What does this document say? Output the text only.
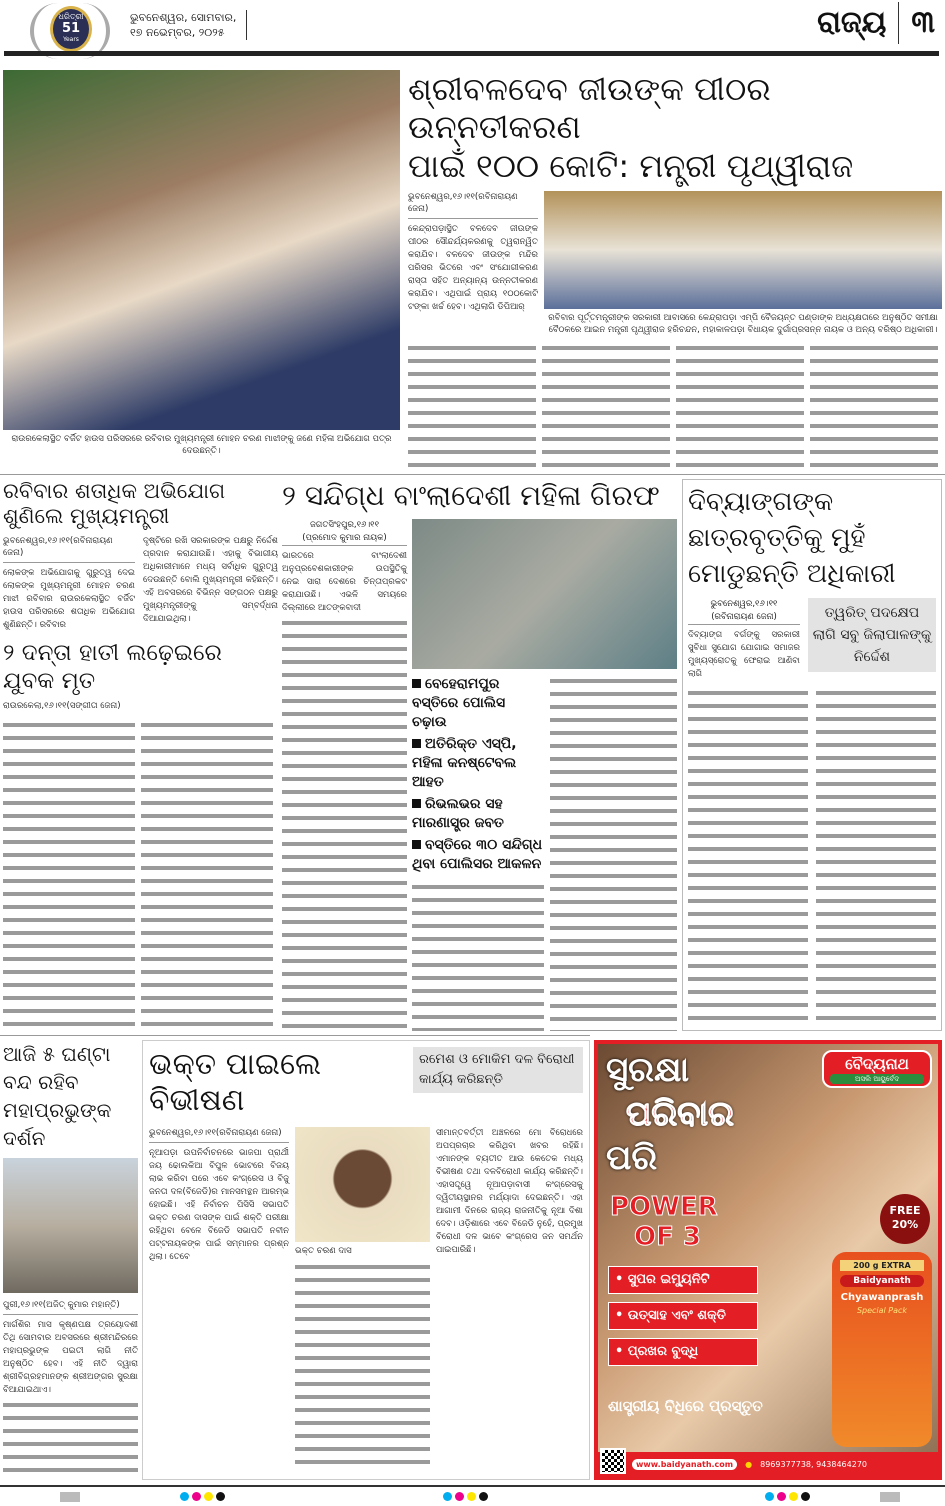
ଧରିତ୍ରୀ
51
Years
ଭୁବନେଶ୍ୱର, ସୋମବାର,
୧୭ ନଭେମ୍ବର, ୨୦୨୫	ରାଜ୍ୟ ୩
ରାଉରକେଲାସ୍ଥିତ ବର୍ଜିଟ ହାଉସ ପରିସରରେ ରବିବାର ମୁଖ୍ୟମନ୍ତ୍ରୀ ମୋହନ ଚରଣ ମାଝୀଙ୍କୁ ଜଣେ ମହିଳା ଅଭିଯୋଗ ପତ୍ର ଦେଉଛନ୍ତି।
ଶ୍ରୀବଳଦେବ ଜୀଉଙ୍କ ପୀଠର ଉନ୍ନତୀକରଣ
ପାଇଁ ୧୦୦ କୋଟି: ମନ୍ତ୍ରୀ ପୃଥ୍ୱୀରାଜ
ଭୁବନେଶ୍ୱର,୧୬।୧୧(ରବିନାରାୟଣ ଜେନା)
କେନ୍ଦ୍ରାପଡ଼ାସ୍ଥିତ ବଳଦେବ ଜୀଉଙ୍କ ପୀଠର ସୌନ୍ଦର୍ଯ୍ୟକରଣକୁ ତ୍ୱରାନ୍ୱିତ କରାଯିବ। ବଳଦେବ ଜୀଉଙ୍କ ମନ୍ଦିର ପରିସର ଭିତରେ ଏବଂ ସଂଯୋଗୀକରଣ ରାସ୍ତା ସହିତ ଅନ୍ୟାନ୍ୟ ଉନ୍ନତୀକରଣ କରାଯିବ। ଏଥିପାଇଁ ପ୍ରାୟ ୧୦୦କୋଟି ଟଙ୍କା ଖର୍ଚ୍ଚ ହେବ। ଏଥିଲାଗି ଡିପିଆର୍
ରବିବାର ପୂର୍ତ୍ତମନ୍ତ୍ରୀଙ୍କ ସରକାରୀ ଆବାସରେ କେନ୍ଦ୍ରାପଡ଼ା ଏମ୍‌ପି ବୈଜୟନ୍ତ ପଣ୍ଡାଙ୍କ ଅଧ୍ୟକ୍ଷତାରେ ଅନୁଷ୍ଠିତ ସମୀକ୍ଷା ବୈଠକରେ ଆଇନ ମନ୍ତ୍ରୀ ପୃଥ୍ୱୀରାଜ ହରିଚନ୍ଦନ, ମହାକାଳପଡ଼ା ବିଧାୟକ ଦୁର୍ଗାପ୍ରସନ୍ନ ନାୟକ ଓ ଅନ୍ୟ ବରିଷ୍ଠ ଅଧିକାରୀ।
ରବିବାର ଶତାଧିକ ଅଭିଯୋଗ ଶୁଣିଲେ ମୁଖ୍ୟମନ୍ତ୍ରୀ
ଭୁବନେଶ୍ୱର,୧୬।୧୧(ରବିନାରାୟଣ ଜେନା)
ଲୋକଙ୍କ ଅଭିଯୋଗକୁ ଗୁରୁତ୍ୱ ଦେଇ ଲୋକଙ୍କ ମୁଖ୍ୟମନ୍ତ୍ରୀ ମୋହନ ଚରଣ ମାଝୀ ରବିବାର ରାଉରକେଲାସ୍ଥିତ ବର୍ଜିଟ ହାଉସ ପରିସରରେ ଶତାଧିକ ଅଭିଯୋଗ ଶୁଣିଛନ୍ତି। ରବିବାର
ଦୃଷ୍ଟିରେ ରଖି ସରକାରଙ୍କ ପକ୍ଷରୁ ନିର୍ଦ୍ଦେଶ ପ୍ରଦାନ କରାଯାଉଛି। ଏହାକୁ ବିଭାଗୀୟ ଅଧିକାରୀମାନେ ମଧ୍ୟ ସର୍ବାଧିକ ଗୁରୁତ୍ୱ ଦେଉଛନ୍ତି ବୋଲି ମୁଖ୍ୟମନ୍ତ୍ରୀ କହିଛନ୍ତି। ଏହି ଅବସରରେ ବିଭିନ୍ନ ସଙ୍ଗଠନ ପକ୍ଷରୁ ମୁଖ୍ୟମନ୍ତ୍ରୀଙ୍କୁ ସମ୍ବର୍ଦ୍ଧନା ଦିଆଯାଇଥିଲା।
୨ ଦନ୍ତା ହାତୀ ଲଢ଼େଇରେ ଯୁବକ ମୃତ
ରାଉରକେଲା,୧୬।୧୧(ସଙ୍ଗୀତା ଜେନା)
୨ ସନ୍ଦିଗ୍ଧ ବାଂଲାଦେଶୀ ମହିଳା ଗିରଫ
ଜଗତସିଂହପୁର,୧୬।୧୧
(ପ୍ରମୋଦ କୁମାର ନାୟକ)
ଭାରତରେ ବାଂଲାଦେଶୀ ଅନୁପ୍ରବେଶକାରୀଙ୍କ ଉପସ୍ଥିତିକୁ ନେଇ ସାରା ଦେଶରେ ଚିନ୍ତାପ୍ରକଟ କରାଯାଉଛି। ଏଭଳି ସମୟରେ ଦିଲ୍ଲୀରେ ଆତଙ୍କବାଦୀ
ବେହେରାମପୁର ବସ୍ତିରେ ପୋଲିସ ଚଢ଼ାଉ
ଅତିରିକ୍ତ ଏସ୍‌ପି, ମହିଳା କନଷ୍ଟେବଲ ଆହତ
ରିଭଲଭର ସହ ମାରଣାସ୍ତ୍ର ଜବତ
ବସ୍ତିରେ ୩୦ ସନ୍ଦିଗ୍ଧ ଥିବା ପୋଲିସର ଆକଳନ
ଦିବ୍ୟାଙ୍ଗଙ୍କ ଛାତ୍ରବୃତ୍ତିକୁ ମୁହଁ
ମୋଡୁଛନ୍ତି ଅଧିକାରୀ
ଭୁବନେଶ୍ୱର,୧୬।୧୧
(ରବିନାରାୟଣ ଜେନା)
ଦିବ୍ୟାଙ୍ଗ ବର୍ଗଙ୍କୁ ସରକାରୀ ସୁବିଧା ସୁଯୋଗ ଯୋଗାଇ ସମାଜର ମୁଖ୍ୟସ୍ରୋତକୁ ଫେରାଇ ଆଣିବା ଲାଗି
ତ୍ୱରିତ୍ ପଦକ୍ଷେପ ଲାଗି ସବୁ ଜିଲାପାଳଙ୍କୁ ନିର୍ଦ୍ଦେଶ
ଆଜି ୫ ଘଣ୍ଟା
ବନ୍ଦ ରହିବ
ମହାପ୍ରଭୁଙ୍କ ଦର୍ଶନ
ପୁରୀ,୧୬।୧୧(ଅଜିତ୍ କୁମାର ମହାନ୍ତି)
ମାର୍ଗଶିର ମାସ କୃଷ୍ଣପକ୍ଷ ତ୍ରୟୋଦଶୀ ତିଥି ସୋମବାର ଅବସରରେ ଶ୍ରୀମନ୍ଦିରରେ ମହାପ୍ରଭୁଙ୍କ ପଇତୀ ଲାଗି ନୀତି ଅନୁଷ୍ଠିତ ହେବ। ଏହି ନୀତି ଦ୍ୱାରା ଶ୍ରୀବିଗ୍ରହମାନଙ୍କ ଶ୍ରୀଅଙ୍ଗର ସୁରକ୍ଷା ବିଆଯାଇଥାଏ।
ଭକ୍ତ ପାଇଲେ ବିଭୀଷଣ
ରମେଶ ଓ ମୋକିମ ଦଳ ବିରୋଧୀ କାର୍ଯ୍ୟ କରିଛନ୍ତି
ଭୁବନେଶ୍ୱର,୧୬।୧୧(ରବିନାରାୟଣ ଜେନା)
ନୂଆପଡ଼ା ଉପନିର୍ବାଚନରେ ଭାଜପା ପ୍ରାର୍ଥୀ ଜୟ ଢୋଲକିଆ ବିପୁଳ ଭୋଟରେ ବିଜୟ ଲାଭ କରିବା ପରେ ଏବେ କଂଗ୍ରେସ ଓ ବିଜୁ ଜନତା ଦଳ(ବିଜେଡି)ର ମାନସମନ୍ଥନ ଆରମ୍ଭ ହୋଇଛି। ଏହି ନିର୍ବାଚନ ପିସିସି ସଭାପତି ଭକ୍ତ ଚରଣ ଦାସଙ୍କ ପାଇଁ ଶକ୍ତି ପରୀକ୍ଷା ରହିଥିବା ବେଳେ ବିଜେଡି ସଭାପତି ନବୀନ ପଟ୍ଟନାୟକଙ୍କ ପାଇଁ ସମ୍ମାନର ପ୍ରଶ୍ନ ଥିଲା। ତେବେ
ଭକ୍ତ ଚରଣ ଦାସ
ସୀମାନ୍ତବର୍ତ୍ତୀ ଅଞ୍ଚଳରେ ମୋ ବିରୋଧରେ ଅପପ୍ରଚାର କରିଥିବା ଖବର ରହିଛି। ଏମାନଙ୍କ ବ୍ୟତୀତ ଆଉ କେତେକ ମଧ୍ୟ ବିଭୀଷଣ ତଥା ଦଳବିରୋଧୀ କାର୍ଯ୍ୟ କରିଛନ୍ତି। ଏହାସତ୍ତ୍ୱେ ନୂଆପଡ଼ାବାସୀ କଂଗ୍ରେସକୁ ଦ୍ୱିତୀୟସ୍ଥାନର ମର୍ଯ୍ୟାଦା ଦେଇଛନ୍ତି। ଏହା ଆଗାମୀ ଦିନରେ ରାଜ୍ୟ ରାଜନୀତିକୁ ନୂଆ ଦିଶା ଦେବ। ଓଡ଼ିଶାରେ ଏବେ ବିଜେଡି ନୁହେଁ, ପ୍ରମୁଖ ବିରୋଧୀ ଦଳ ଭାବେ କଂଗ୍ରେସ ଜନ ସମର୍ଥନ ପାଇପାରିଛି।
ସୁରକ୍ଷା
ପରିବାର
ପରି
ବୈଦ୍ୟନାଥ
ଅସଲି ଆୟୁର୍ବେଦ
FREE
20%
POWER
OF 3
• ସୁପର ଇମ୍ୟୁନିଟି
• ଉତ୍ସାହ ଏବଂ ଶକ୍ତି
• ପ୍ରଖର ବୁଦ୍ଧି
ଶାସ୍ତ୍ରୀୟ ବିଧିରେ ପ୍ରସ୍ତୁତ
200 g EXTRA
Baidyanath
Chyawanprash
Special Pack
www.baidyanath.com	● 8969377738, 9438464270
